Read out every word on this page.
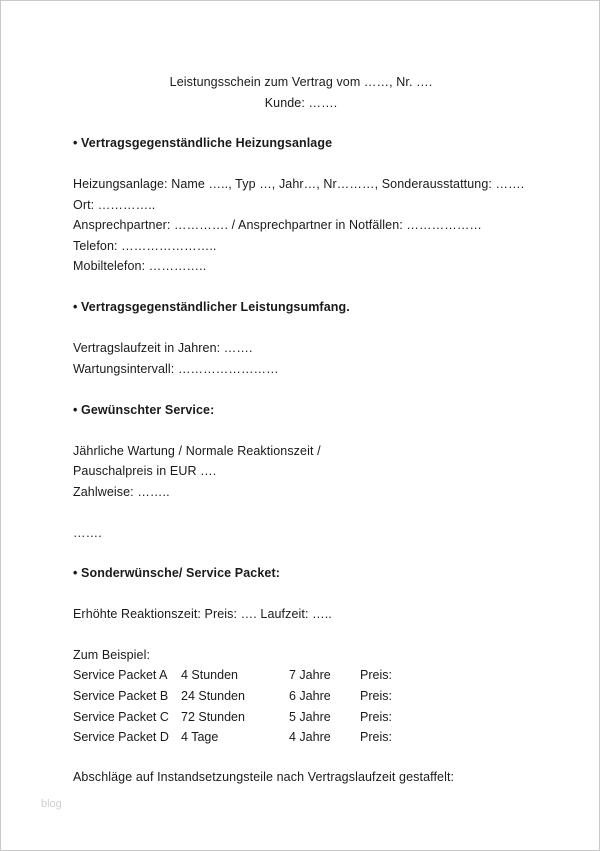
Leistungsschein zum Vertrag vom ……, Nr. ….
Kunde: …….
• Vertragsgegenständliche Heizungsanlage
Heizungsanlage: Name ….., Typ …, Jahr…, Nr………, Sonderausstattung: …….
Ort: …………..
Ansprechpartner: …………. / Ansprechpartner in Notfällen: ………………
Telefon: …………………..
Mobiltelefon: …………..
• Vertragsgegenständlicher Leistungsumfang.
Vertragslaufzeit in Jahren: …….
Wartungsintervall: ……………………
• Gewünschter Service:
Jährliche Wartung / Normale Reaktionszeit /
Pauschalpreis in EUR ….
Zahlweise: ……..
…….
• Sonderwünsche/ Service Packet:
Erhöhte Reaktionszeit: Preis: …. Laufzeit: …..
Zum Beispiel:
Service Packet A 4 Stunden	7 Jahre Preis:
Service Packet B 24 Stunden	6 Jahre Preis:
Service Packet C 72 Stunden	5 Jahre Preis:
Service Packet D 4 Tage	4 Jahre Preis:
Abschläge auf Instandsetzungsteile nach Vertragslaufzeit gestaffelt:
blog
